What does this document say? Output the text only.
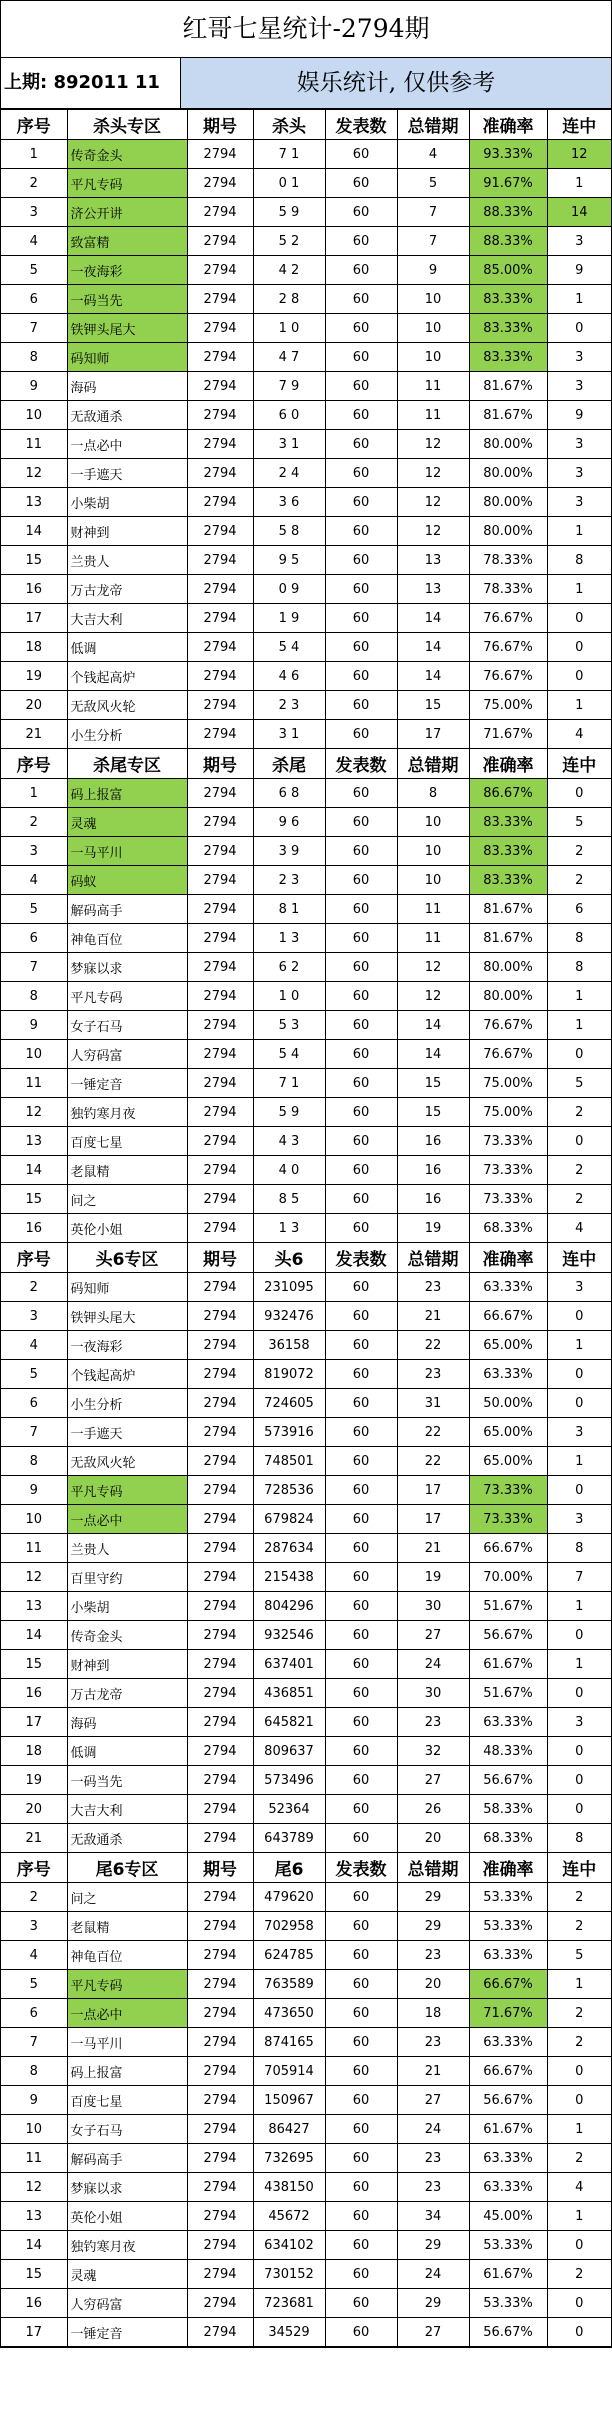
红哥七星统计-2794期
上期: 892011 11	娱乐统计, 仅供参考
序号	杀头专区	期号	杀头	发表数	总错期	准确率	连中
1	传奇金头	2794	7 1	60	4	93.33%	12
2	平凡专码	2794	0 1	60	5	91.67%	1
3	济公开讲	2794	5 9	60	7	88.33%	14
4	致富精	2794	5 2	60	7	88.33%	3
5	一夜海彩	2794	4 2	60	9	85.00%	9
6	一码当先	2794	2 8	60	10	83.33%	1
7	铁钾头尾大	2794	1 0	60	10	83.33%	0
8	码知师	2794	4 7	60	10	83.33%	3
9	海码	2794	7 9	60	11	81.67%	3
10	无敌通杀	2794	6 0	60	11	81.67%	9
11	一点必中	2794	3 1	60	12	80.00%	3
12	一手遮天	2794	2 4	60	12	80.00%	3
13	小柴胡	2794	3 6	60	12	80.00%	3
14	财神到	2794	5 8	60	12	80.00%	1
15	兰贵人	2794	9 5	60	13	78.33%	8
16	万古龙帝	2794	0 9	60	13	78.33%	1
17	大吉大利	2794	1 9	60	14	76.67%	0
18	低调	2794	5 4	60	14	76.67%	0
19	个钱起高炉	2794	4 6	60	14	76.67%	0
20	无敌风火轮	2794	2 3	60	15	75.00%	1
21	小生分析	2794	3 1	60	17	71.67%	4
序号	杀尾专区	期号	杀尾	发表数	总错期	准确率	连中
1	码上报富	2794	6 8	60	8	86.67%	0
2	灵魂	2794	9 6	60	10	83.33%	5
3	一马平川	2794	3 9	60	10	83.33%	2
4	码蚁	2794	2 3	60	10	83.33%	2
5	解码高手	2794	8 1	60	11	81.67%	6
6	神龟百位	2794	1 3	60	11	81.67%	8
7	梦寐以求	2794	6 2	60	12	80.00%	8
8	平凡专码	2794	1 0	60	12	80.00%	1
9	女子石马	2794	5 3	60	14	76.67%	1
10	人穷码富	2794	5 4	60	14	76.67%	0
11	一锤定音	2794	7 1	60	15	75.00%	5
12	独钓寒月夜	2794	5 9	60	15	75.00%	2
13	百度七星	2794	4 3	60	16	73.33%	0
14	老鼠精	2794	4 0	60	16	73.33%	2
15	问之	2794	8 5	60	16	73.33%	2
16	英伦小姐	2794	1 3	60	19	68.33%	4
序号	头6专区	期号	头6	发表数	总错期	准确率	连中
2	码知师	2794	231095	60	23	63.33%	3
3	铁钾头尾大	2794	932476	60	21	66.67%	0
4	一夜海彩	2794	36158	60	22	65.00%	1
5	个钱起高炉	2794	819072	60	23	63.33%	0
6	小生分析	2794	724605	60	31	50.00%	0
7	一手遮天	2794	573916	60	22	65.00%	3
8	无敌风火轮	2794	748501	60	22	65.00%	1
9	平凡专码	2794	728536	60	17	73.33%	0
10	一点必中	2794	679824	60	17	73.33%	3
11	兰贵人	2794	287634	60	21	66.67%	8
12	百里守约	2794	215438	60	19	70.00%	7
13	小柴胡	2794	804296	60	30	51.67%	1
14	传奇金头	2794	932546	60	27	56.67%	0
15	财神到	2794	637401	60	24	61.67%	1
16	万古龙帝	2794	436851	60	30	51.67%	0
17	海码	2794	645821	60	23	63.33%	3
18	低调	2794	809637	60	32	48.33%	0
19	一码当先	2794	573496	60	27	56.67%	0
20	大吉大利	2794	52364	60	26	58.33%	0
21	无敌通杀	2794	643789	60	20	68.33%	8
序号	尾6专区	期号	尾6	发表数	总错期	准确率	连中
2	问之	2794	479620	60	29	53.33%	2
3	老鼠精	2794	702958	60	29	53.33%	2
4	神龟百位	2794	624785	60	23	63.33%	5
5	平凡专码	2794	763589	60	20	66.67%	1
6	一点必中	2794	473650	60	18	71.67%	2
7	一马平川	2794	874165	60	23	63.33%	2
8	码上报富	2794	705914	60	21	66.67%	0
9	百度七星	2794	150967	60	27	56.67%	0
10	女子石马	2794	86427	60	24	61.67%	1
11	解码高手	2794	732695	60	23	63.33%	2
12	梦寐以求	2794	438150	60	23	63.33%	4
13	英伦小姐	2794	45672	60	34	45.00%	1
14	独钓寒月夜	2794	634102	60	29	53.33%	0
15	灵魂	2794	730152	60	24	61.67%	2
16	人穷码富	2794	723681	60	29	53.33%	0
17	一锤定音	2794	34529	60	27	56.67%	0
